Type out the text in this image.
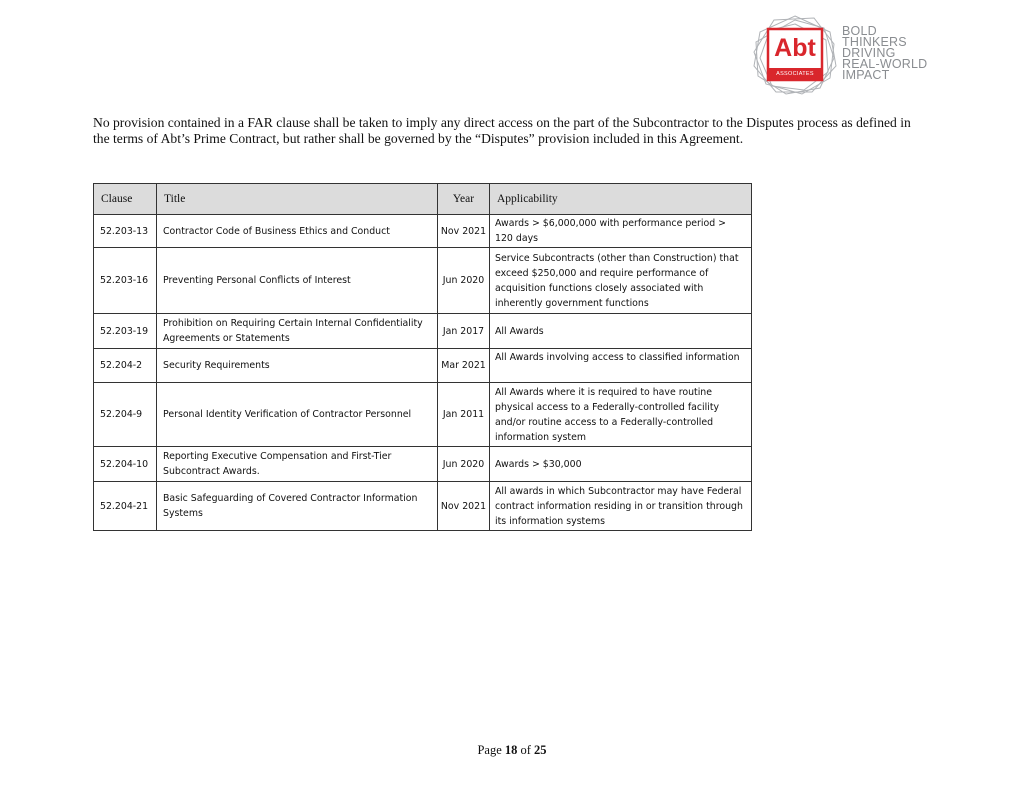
Abt
ASSOCIATES
BOLD
THINKERS
DRIVING
REAL-WORLD
IMPACT

No provision contained in a FAR clause shall be taken to imply any direct access on the part of the Subcontractor to the Disputes process as defined in the terms of Abt’s Prime Contract, but rather shall be governed by the “Disputes” provision included in this Agreement.

Clause	Title	Year	Applicability
52.203-13	Contractor Code of Business Ethics and Conduct	Nov 2021	Awards > $6,000,000 with performance period > 120 days
52.203-16	Preventing Personal Conflicts of Interest	Jun 2020	Service Subcontracts (other than Construction) that exceed $250,000 and require performance of acquisition functions closely associated with inherently government functions
52.203-19	Prohibition on Requiring Certain Internal Confidentiality Agreements or Statements	Jan 2017	All Awards
52.204-2	Security Requirements	Mar 2021	All Awards involving access to classified information
52.204-9	Personal Identity Verification of Contractor Personnel	Jan 2011	All Awards where it is required to have routine physical access to a Federally-controlled facility and/or routine access to a Federally-controlled information system
52.204-10	Reporting Executive Compensation and First-Tier Subcontract Awards.	Jun 2020	Awards > $30,000
52.204-21	Basic Safeguarding of Covered Contractor Information Systems	Nov 2021	All awards in which Subcontractor may have Federal contract information residing in or transition through its information systems
Page 18 of 25
